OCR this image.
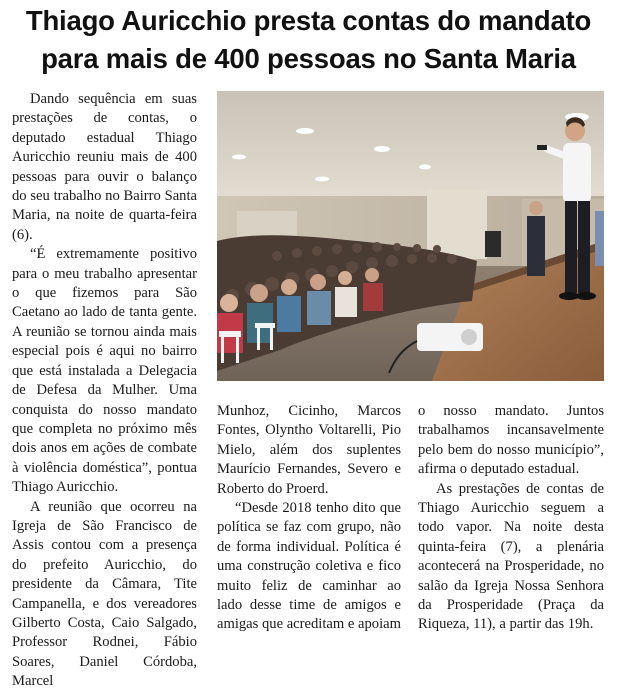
Thiago Auricchio presta contas do mandato
para mais de 400 pessoas no Santa Maria

Dando sequência em suas prestações de contas, o deputado estadual Thiago Auricchio reuniu mais de 400 pessoas para ouvir o balanço do seu trabalho no Bairro Santa Maria, na noite de quarta-feira (6).

“É extremamente positivo para o meu trabalho apresentar o que fizemos para São Caetano ao lado de tanta gente. A reunião se tornou ainda mais especial pois é aqui no bairro que está instalada a Delegacia de Defesa da Mulher. Uma conquista do nosso mandato que completa no próximo mês dois anos em ações de combate à violência doméstica”, pontua Thiago Auricchio.

A reunião que ocorreu na Igreja de São Francisco de Assis contou com a presença do prefeito Auricchio, do presidente da Câmara, Tite Campanella, e dos vereadores Gilberto Costa, Caio Salgado, Professor Rodnei, Fábio Soares, Daniel Córdoba, Marcel

Munhoz, Cicinho, Marcos Fontes, Olyntho Voltarelli, Pio Mielo, além dos suplentes Maurício Fernandes, Severo e Roberto do Proerd.

“Desde 2018 tenho dito que política se faz com grupo, não de forma individual. Política é uma construção coletiva e fico muito feliz de caminhar ao lado desse time de amigos e amigas que acreditam e apoiam

o nosso mandato. Juntos trabalhamos incansavelmente pelo bem do nosso município”, afirma o deputado estadual.

As prestações de contas de Thiago Auricchio seguem a todo vapor. Na noite desta quinta-feira (7), a plenária acontecerá na Prosperidade, no salão da Igreja Nossa Senhora da Prosperidade (Praça da Riqueza, 11), a partir das 19h.
